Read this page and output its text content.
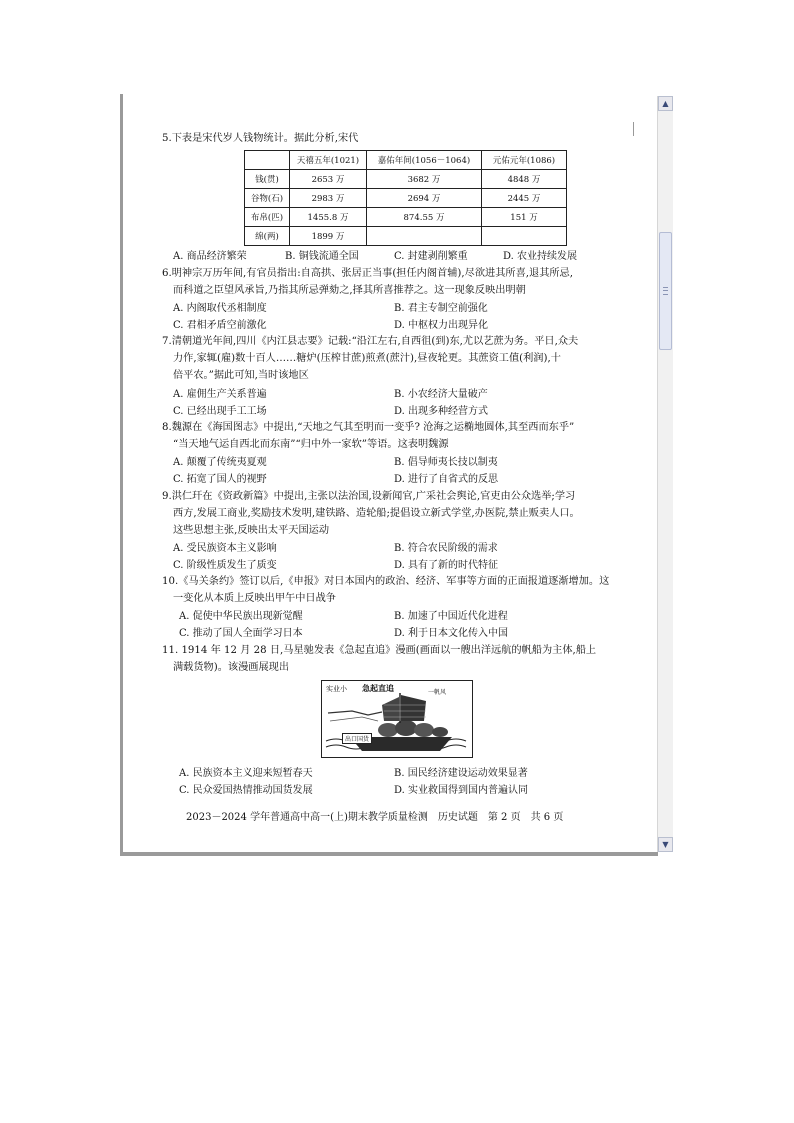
▲
▼
5.下表是宋代岁人钱物统计。据此分析,宋代
	天禧五年(1021)	嘉佑年间(1056－1064)	元佑元年(1086)
钱(贯)	2653 万	3682 万	4848 万
谷物(石)	2983 万	2694 万	2445 万
布帛(匹)	1455.8 万	874.55 万	151 万
绵(两)	1899 万		
A. 商品经济繁荣	B. 铜钱流通全国	C. 封建剥削繁重	D. 农业持续发展
6.明神宗万历年间,有官员指出:自高拱、张居正当事(担任内阁首辅),尽欲进其所喜,退其所忌,
而科道之臣望风承旨,乃指其所忌弹劾之,择其所喜推荐之。这一现象反映出明朝
A. 内阁取代丞相制度	B. 君主专制空前强化
C. 君相矛盾空前激化	D. 中枢权力出现异化
7.清朝道光年间,四川《内江县志要》记载:“沿江左右,自西徂(到)东,尤以艺蔗为务。平日,众夫
力作,家辄(雇)数十百人……糖炉(压榨甘蔗)煎煮(蔗汁),昼夜轮更。其蔗资工值(利润),十
倍平农。”据此可知,当时该地区
A. 雇佣生产关系普遍	B. 小农经济大量破产
C. 已经出现手工工场	D. 出现多种经营方式
8.魏源在《海国图志》中提出,“天地之气其至明而一变乎? 沧海之运椭地圆体,其至西而东乎”
“当天地气运自西北而东南”“归中外一家软”等语。这表明魏源
A. 颠覆了传统夷夏观	B. 倡导师夷长技以制夷
C. 拓宽了国人的视野	D. 进行了自省式的反思
9.洪仁玕在《资政新篇》中提出,主张以法治国,设新闻官,广采社会舆论,官吏由公众选举;学习
西方,发展工商业,奖励技术发明,建铁路、造轮船;提倡设立新式学堂,办医院,禁止贩卖人口。
这些思想主张,反映出太平天国运动
A. 受民族资本主义影响	B. 符合农民阶级的需求
C. 阶级性质发生了质变	D. 具有了新的时代特征
10.《马关条约》签订以后,《申报》对日本国内的政治、经济、军事等方面的正面报道逐渐增加。这
一变化从本质上反映出甲午中日战争
A. 促使中华民族出现新觉醒	B. 加速了中国近代化进程
C. 推动了国人全面学习日本	D. 利于日本文化传入中国
11. 1914 年 12 月 28 日,马星驰发表《急起直追》漫画(画面以一艘出洋远航的帆船为主体,船上
满载货物)。该漫画展现出
实业小 急起直追	一帆风
出口国货
A. 民族资本主义迎来短暂春天	B. 国民经济建设运动效果显著
C. 民众爱国热情推动国货发展	D. 实业救国得到国内普遍认同
2023－2024 学年普通高中高一(上)期末教学质量检测　历史试题　第 2 页　共 6 页
